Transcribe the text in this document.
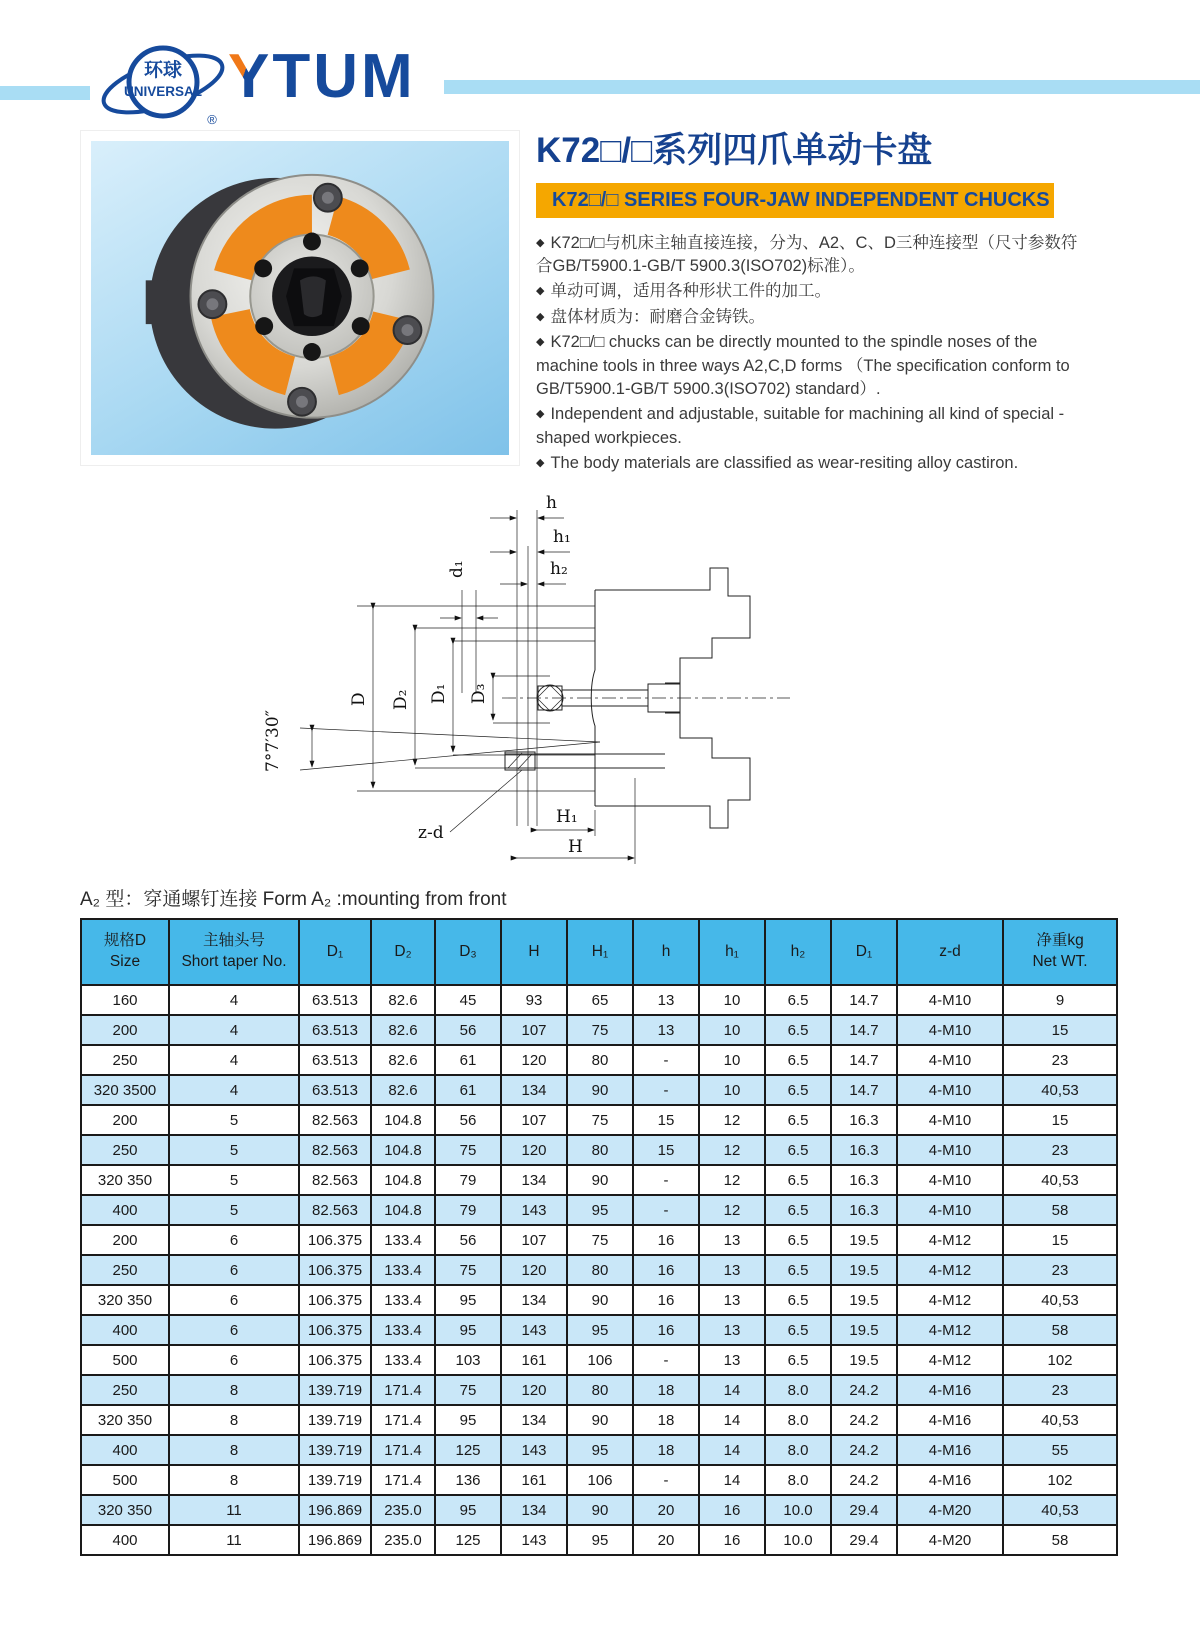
环球
UNIVERSAL
®
YTUM
K72□/□系列四爪单动卡盘
K72□/□ SERIES FOUR-JAW INDEPENDENT CHUCKS
◆ K72□/□与机床主轴直接连接，分为、A2、C、D三种连接型（尺寸参数符合GB/T5900.1-GB/T 5900.3(ISO702)标准）。
◆ 单动可调，适用各种形状工件的加工。
◆ 盘体材质为：耐磨合金铸铁。
◆ K72□/□ chucks can be directly mounted to the spindle noses of the machine tools in three ways A2,C,D forms （The specification conform to GB/T5900.1-GB/T 5900.3(ISO702) standard）.
◆ Independent and adjustable, suitable for machining all kind of special -shaped workpieces.
◆ The body materials are classified as wear-resiting alloy castiron.
h
h₁
h₂
d₁
D D₂ D₁ D₃
7°7′30″
z-d
H₁
H
A₂ 型：穿通螺钉连接 Form A₂ :mounting from front
规格D
Size	主轴头号
Short taper No.	D₁	D₂	D₃	H	H₁	h	h₁	h₂	D₁	z-d	净重kg
Net WT.
160	4	63.513	82.6	45	93	65	13	10	6.5	14.7	4-M10	9
200	4	63.513	82.6	56	107	75	13	10	6.5	14.7	4-M10	15
250	4	63.513	82.6	61	120	80	-	10	6.5	14.7	4-M10	23
320 3500	4	63.513	82.6	61	134	90	-	10	6.5	14.7	4-M10	40,53
200	5	82.563	104.8	56	107	75	15	12	6.5	16.3	4-M10	15
250	5	82.563	104.8	75	120	80	15	12	6.5	16.3	4-M10	23
320 350	5	82.563	104.8	79	134	90	-	12	6.5	16.3	4-M10	40,53
400	5	82.563	104.8	79	143	95	-	12	6.5	16.3	4-M10	58
200	6	106.375	133.4	56	107	75	16	13	6.5	19.5	4-M12	15
250	6	106.375	133.4	75	120	80	16	13	6.5	19.5	4-M12	23
320 350	6	106.375	133.4	95	134	90	16	13	6.5	19.5	4-M12	40,53
400	6	106.375	133.4	95	143	95	16	13	6.5	19.5	4-M12	58
500	6	106.375	133.4	103	161	106	-	13	6.5	19.5	4-M12	102
250	8	139.719	171.4	75	120	80	18	14	8.0	24.2	4-M16	23
320 350	8	139.719	171.4	95	134	90	18	14	8.0	24.2	4-M16	40,53
400	8	139.719	171.4	125	143	95	18	14	8.0	24.2	4-M16	55
500	8	139.719	171.4	136	161	106	-	14	8.0	24.2	4-M16	102
320 350	11	196.869	235.0	95	134	90	20	16	10.0	29.4	4-M20	40,53
400	11	196.869	235.0	125	143	95	20	16	10.0	29.4	4-M20	58
